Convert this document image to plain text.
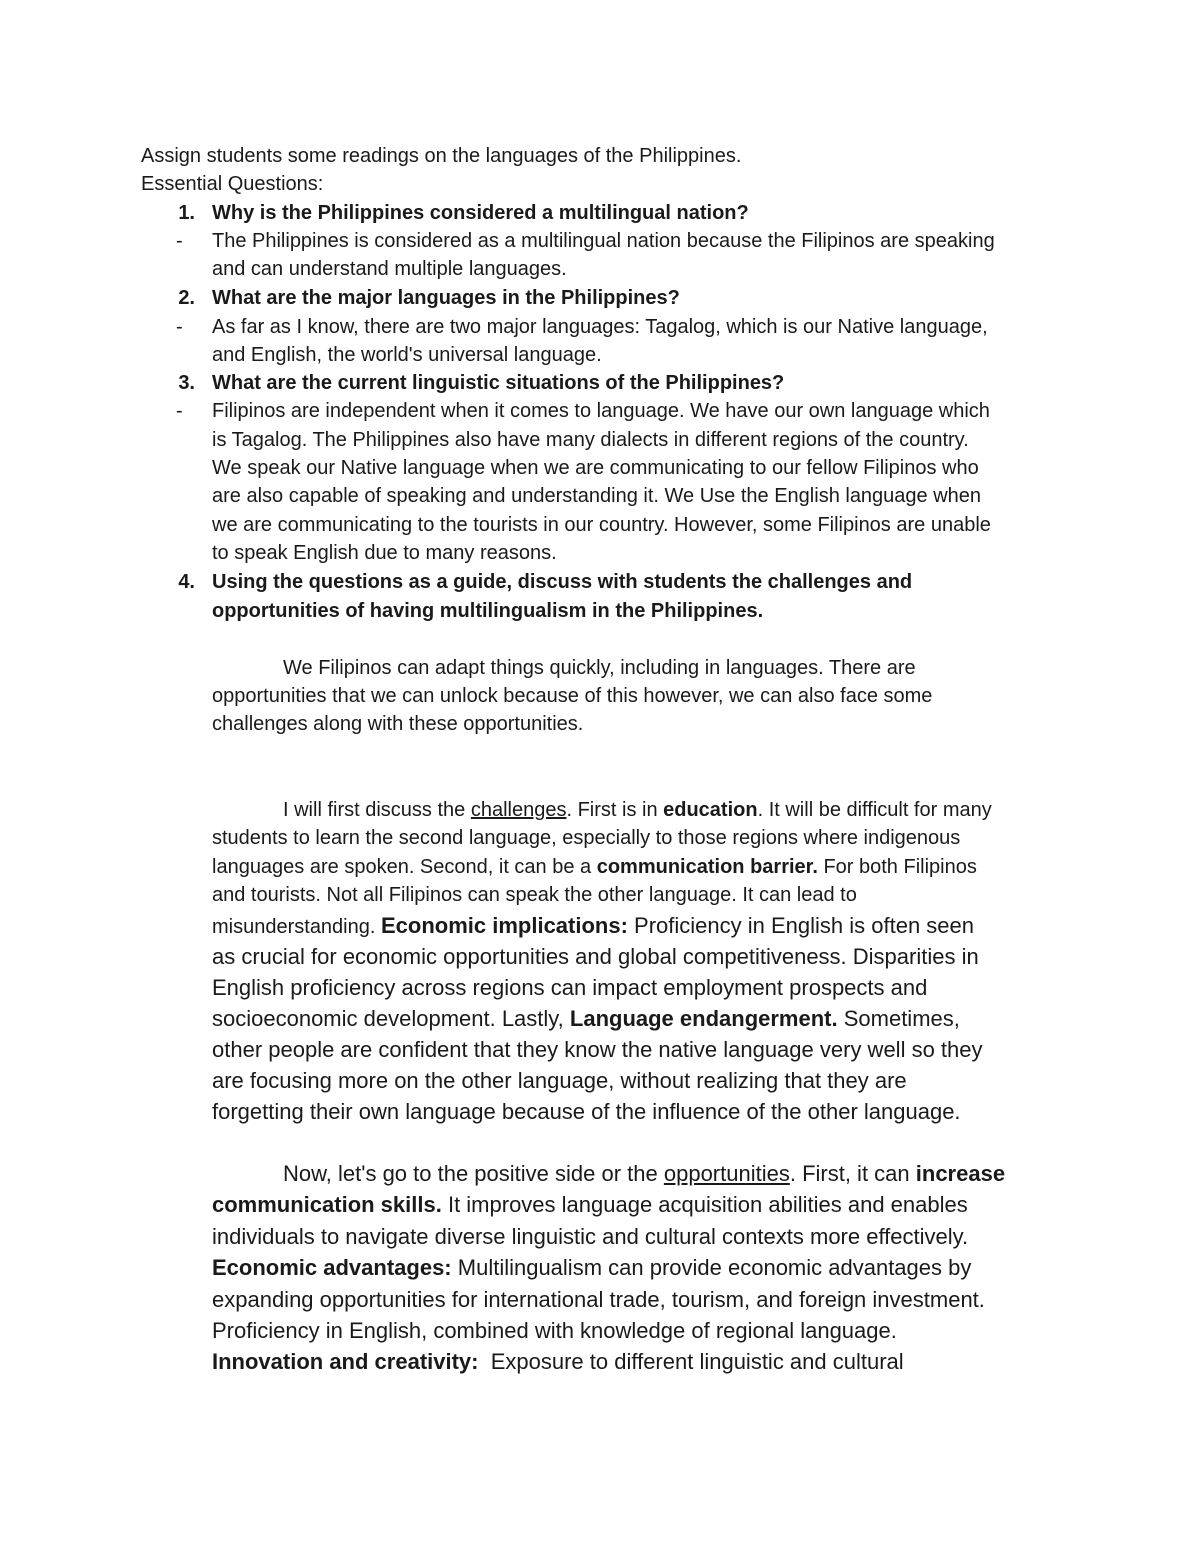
Assign students some readings on the languages of the Philippines.
Essential Questions:
1. Why is the Philippines considered a multilingual nation?
- The Philippines is considered as a multilingual nation because the Filipinos are speaking
and can understand multiple languages.
2. What are the major languages in the Philippines?
- As far as I know, there are two major languages: Tagalog, which is our Native language,
and English, the world's universal language.
3. What are the current linguistic situations of the Philippines?
- Filipinos are independent when it comes to language. We have our own language which
is Tagalog. The Philippines also have many dialects in different regions of the country.
We speak our Native language when we are communicating to our fellow Filipinos who
are also capable of speaking and understanding it. We Use the English language when
we are communicating to the tourists in our country. However, some Filipinos are unable
to speak English due to many reasons.
4. Using the questions as a guide, discuss with students the challenges and
opportunities of having multilingualism in the Philippines.
We Filipinos can adapt things quickly, including in languages. There are
opportunities that we can unlock because of this however, we can also face some
challenges along with these opportunities.
I will first discuss the challenges. First is in education. It will be difficult for many
students to learn the second language, especially to those regions where indigenous
languages are spoken. Second, it can be a communication barrier. For both Filipinos
and tourists. Not all Filipinos can speak the other language. It can lead to
misunderstanding. Economic implications: Proficiency in English is often seen
as crucial for economic opportunities and global competitiveness. Disparities in
English proficiency across regions can impact employment prospects and
socioeconomic development. Lastly, Language endangerment. Sometimes,
other people are confident that they know the native language very well so they
are focusing more on the other language, without realizing that they are
forgetting their own language because of the influence of the other language.
Now, let's go to the positive side or the opportunities. First, it can increase
communication skills. It improves language acquisition abilities and enables
individuals to navigate diverse linguistic and cultural contexts more effectively.
Economic advantages: Multilingualism can provide economic advantages by
expanding opportunities for international trade, tourism, and foreign investment.
Proficiency in English, combined with knowledge of regional language.
Innovation and creativity:  Exposure to different linguistic and cultural
